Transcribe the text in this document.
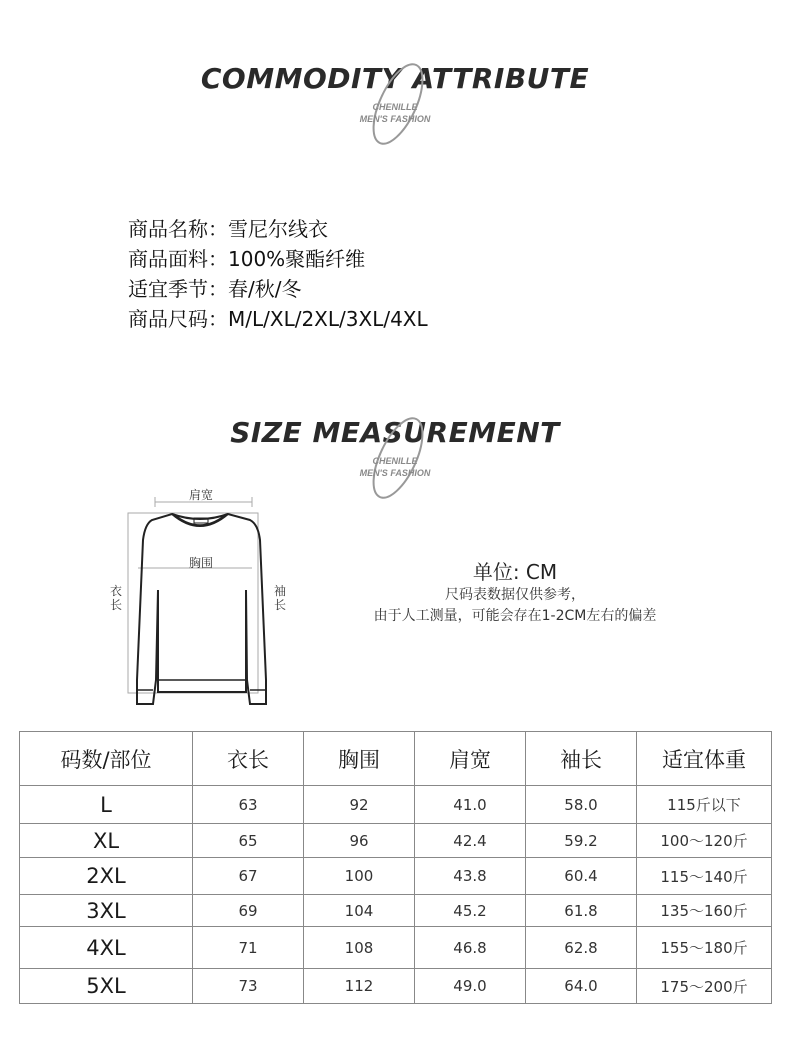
COMMODITY ATTRIBUTE
CHENILLE
MEN'S FASHION
商品名称：雪尼尔线衣
商品面料：100%聚酯纤维
适宜季节：春/秋/冬
商品尺码：M/L/XL/2XL/3XL/4XL
SIZE MEASUREMENT
CHENILLE
MEN'S FASHION
肩宽
胸围
衣长
袖长
单位: CM
尺码表数据仅供参考，
由于人工测量，可能会存在1-2CM左右的偏差
码数/部位	衣长	胸围	肩宽	袖长	适宜体重
L	63	92	41.0	58.0	115斤以下
XL	65	96	42.4	59.2	100～120斤
2XL	67	100	43.8	60.4	115～140斤
3XL	69	104	45.2	61.8	135～160斤
4XL	71	108	46.8	62.8	155～180斤
5XL	73	112	49.0	64.0	175～200斤
